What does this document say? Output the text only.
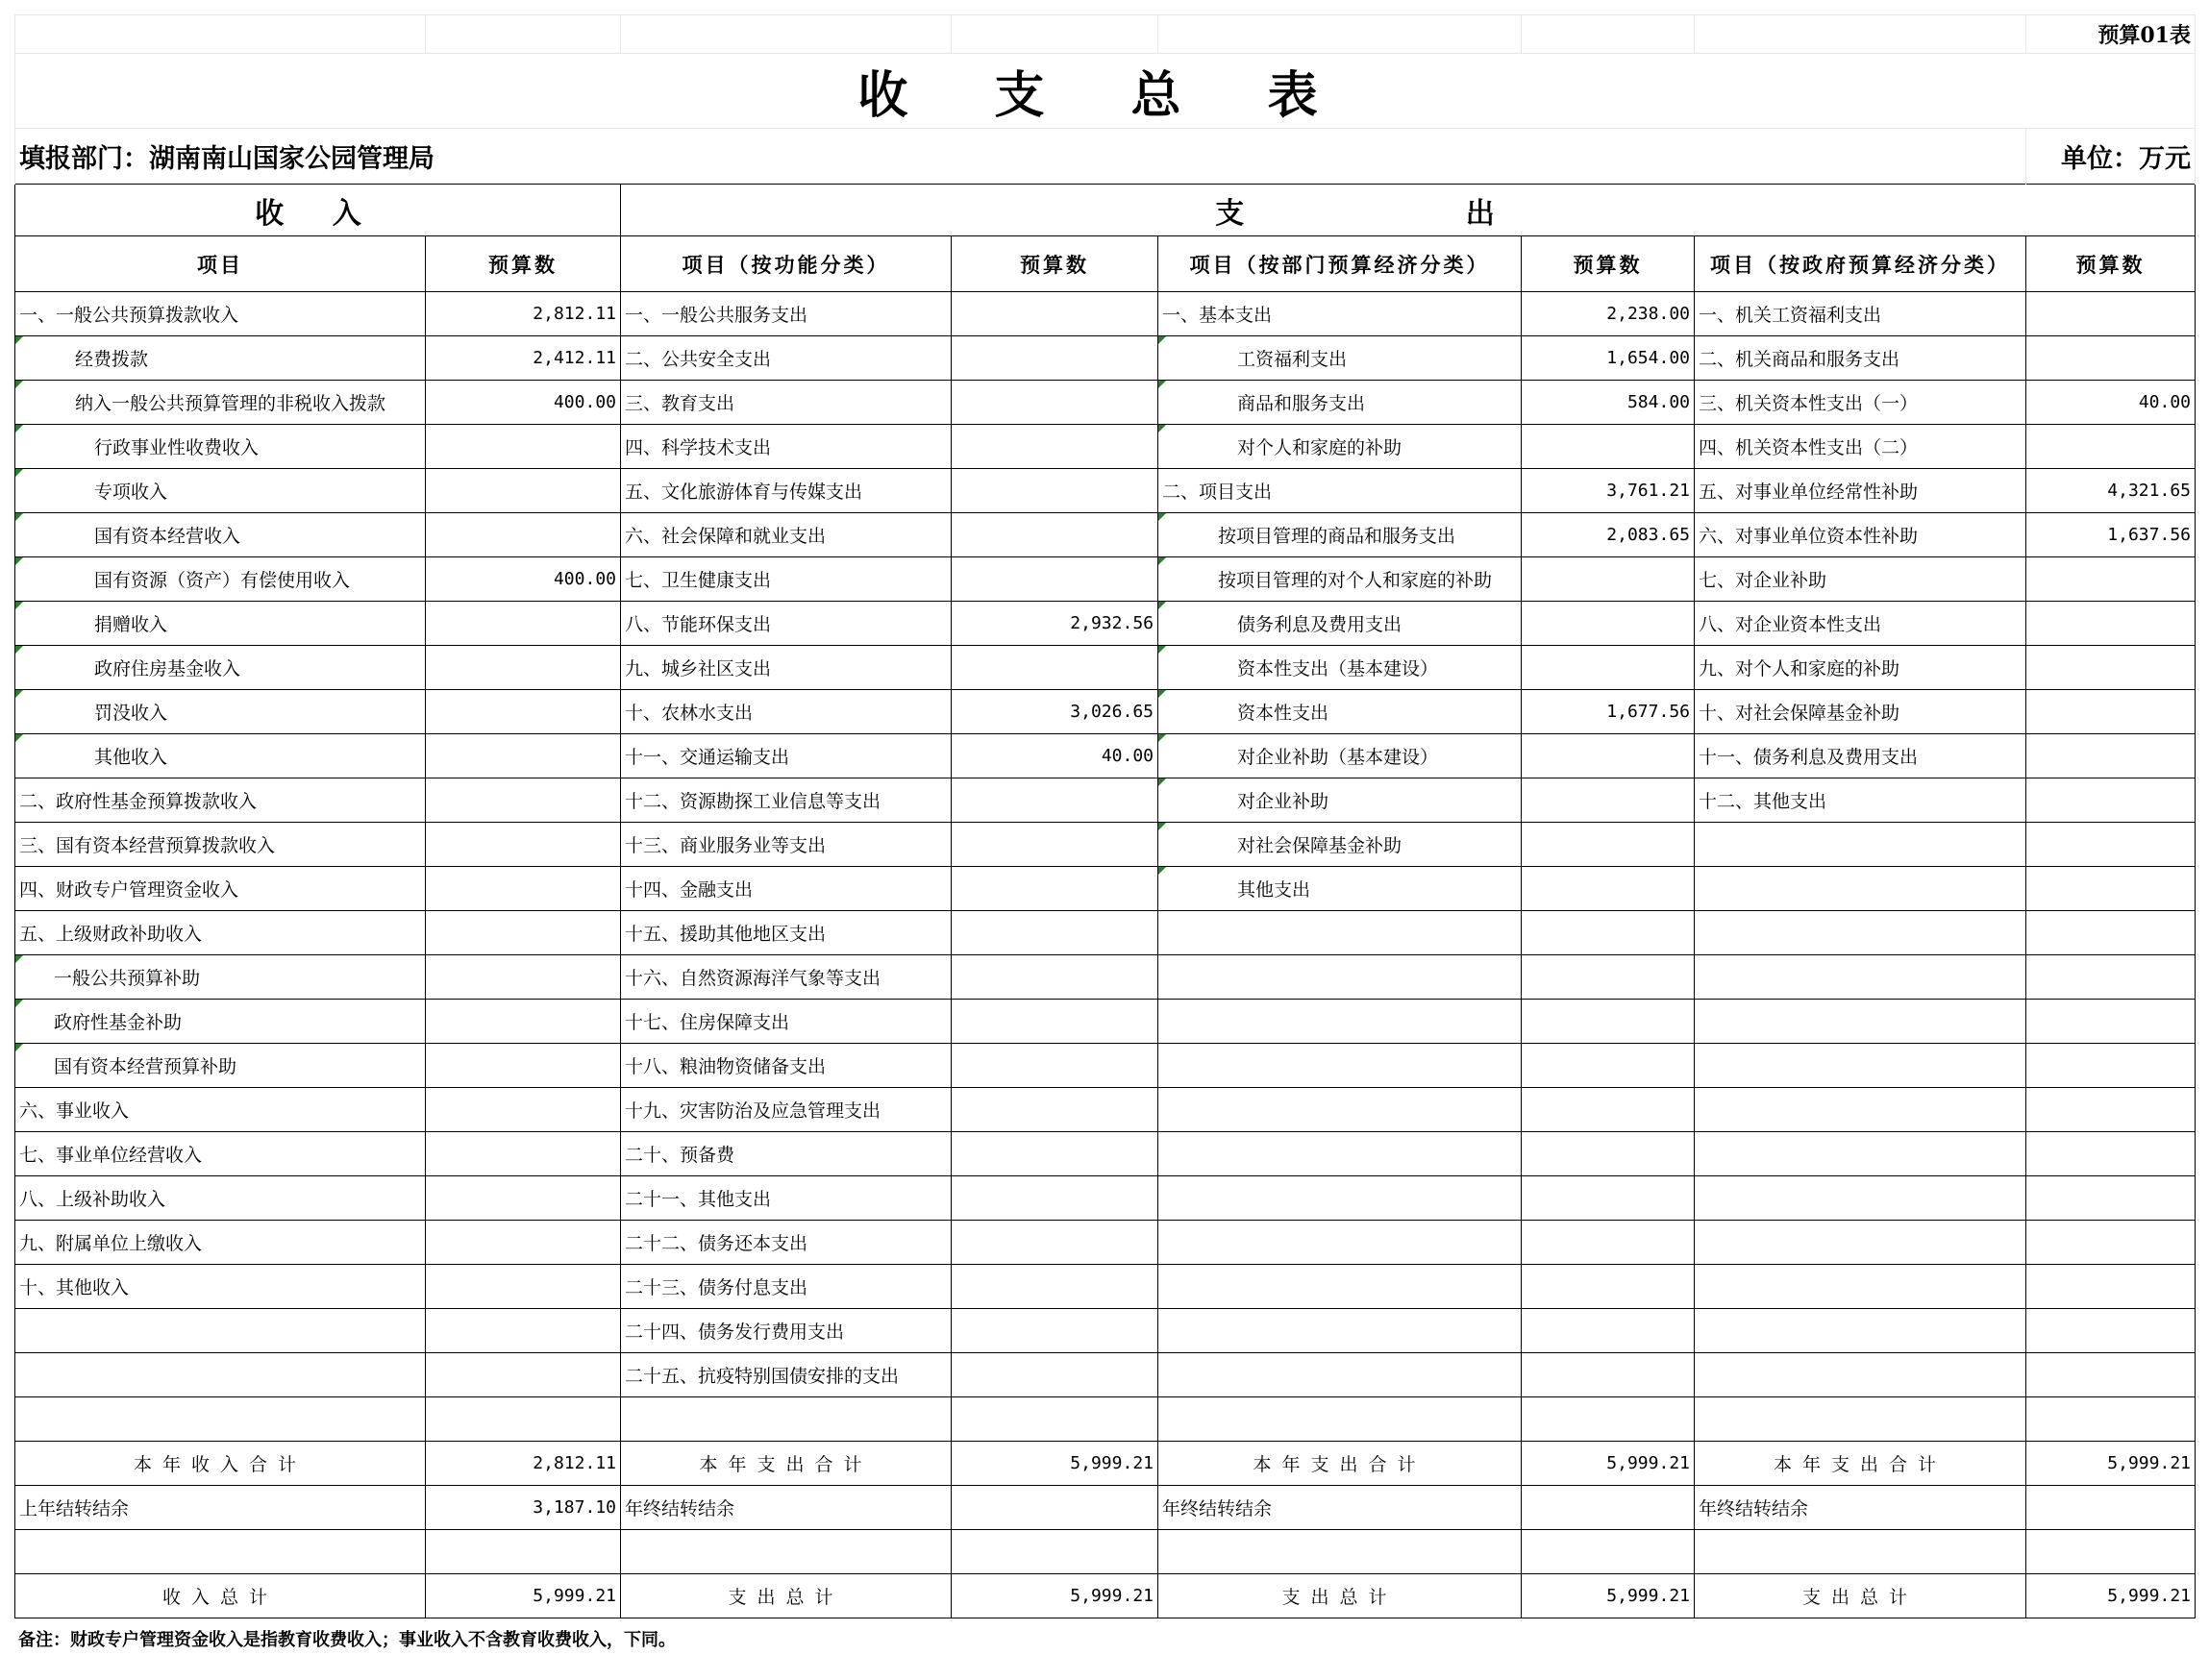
							预算01表
收 支 总 表							
填报部门：湖南南山国家公园管理局							单位：万元
收 入		支 出					
项目	预算数	项目（按功能分类）	预算数	项目（按部门预算经济分类）	预算数	项目（按政府预算经济分类）	预算数
一、一般公共预算拨款收入	2,812.11	一、一般公共服务支出		一、基本支出	2,238.00	一、机关工资福利支出	
经费拨款	2,412.11	二、公共安全支出		工资福利支出	1,654.00	二、机关商品和服务支出	
纳入一般公共预算管理的非税收入拨款	400.00	三、教育支出		商品和服务支出	584.00	三、机关资本性支出（一）	40.00
行政事业性收费收入		四、科学技术支出		对个人和家庭的补助		四、机关资本性支出（二）	
专项收入		五、文化旅游体育与传媒支出		二、项目支出	3,761.21	五、对事业单位经常性补助	4,321.65
国有资本经营收入		六、社会保障和就业支出		按项目管理的商品和服务支出	2,083.65	六、对事业单位资本性补助	1,637.56
国有资源（资产）有偿使用收入	400.00	七、卫生健康支出		按项目管理的对个人和家庭的补助		七、对企业补助	
捐赠收入		八、节能环保支出	2,932.56	债务利息及费用支出		八、对企业资本性支出	
政府住房基金收入		九、城乡社区支出		资本性支出（基本建设）		九、对个人和家庭的补助	
罚没收入		十、农林水支出	3,026.65	资本性支出	1,677.56	十、对社会保障基金补助	
其他收入		十一、交通运输支出	40.00	对企业补助（基本建设）		十一、债务利息及费用支出	
二、政府性基金预算拨款收入		十二、资源勘探工业信息等支出		对企业补助		十二、其他支出	
三、国有资本经营预算拨款收入		十三、商业服务业等支出		对社会保障基金补助			
四、财政专户管理资金收入		十四、金融支出		其他支出			
五、上级财政补助收入		十五、援助其他地区支出					
一般公共预算补助		十六、自然资源海洋气象等支出					
政府性基金补助		十七、住房保障支出					
国有资本经营预算补助		十八、粮油物资储备支出					
六、事业收入		十九、灾害防治及应急管理支出					
七、事业单位经营收入		二十、预备费					
八、上级补助收入		二十一、其他支出					
九、附属单位上缴收入		二十二、债务还本支出					
十、其他收入		二十三、债务付息支出					
		二十四、债务发行费用支出					
		二十五、抗疫特别国债安排的支出					

本年收入合计	2,812.11	本年支出合计	5,999.21	本年支出合计	5,999.21	本年支出合计	5,999.21
上年结转结余	3,187.10	年终结转结余		年终结转结余		年终结转结余	

收入总计	5,999.21	支出总计	5,999.21	支出总计	5,999.21	支出总计	5,999.21
备注：财政专户管理资金收入是指教育收费收入；事业收入不含教育收费收入，下同。
